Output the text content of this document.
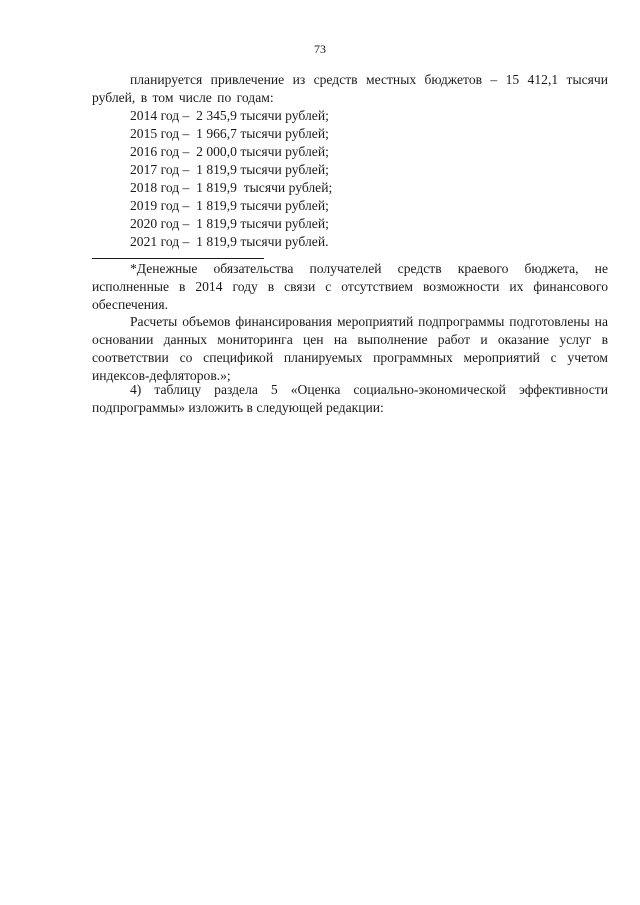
73

планируется привлечение из средств местных бюджетов – 15 412,1 тысячи рублей, в том числе по годам:

2014 год –  2 345,9 тысячи рублей;
2015 год –  1 966,7 тысячи рублей;
2016 год –  2 000,0 тысячи рублей;
2017 год –  1 819,9 тысячи рублей;
2018 год –  1 819,9  тысячи рублей;
2019 год –  1 819,9 тысячи рублей;
2020 год –  1 819,9 тысячи рублей;
2021 год –  1 819,9 тысячи рублей.

*Денежные обязательства получателей средств краевого бюджета, не исполненные в 2014 году в связи с отсутствием возможности их финансового обеспечения.

Расчеты объемов финансирования мероприятий подпрограммы подготовлены на основании данных мониторинга цен на выполнение работ и оказание услуг в соответствии со спецификой планируемых программных мероприятий с учетом индексов-дефляторов.»;

4) таблицу раздела 5 «Оценка социально-экономической эффективности подпрограммы» изложить в следующей редакции:
